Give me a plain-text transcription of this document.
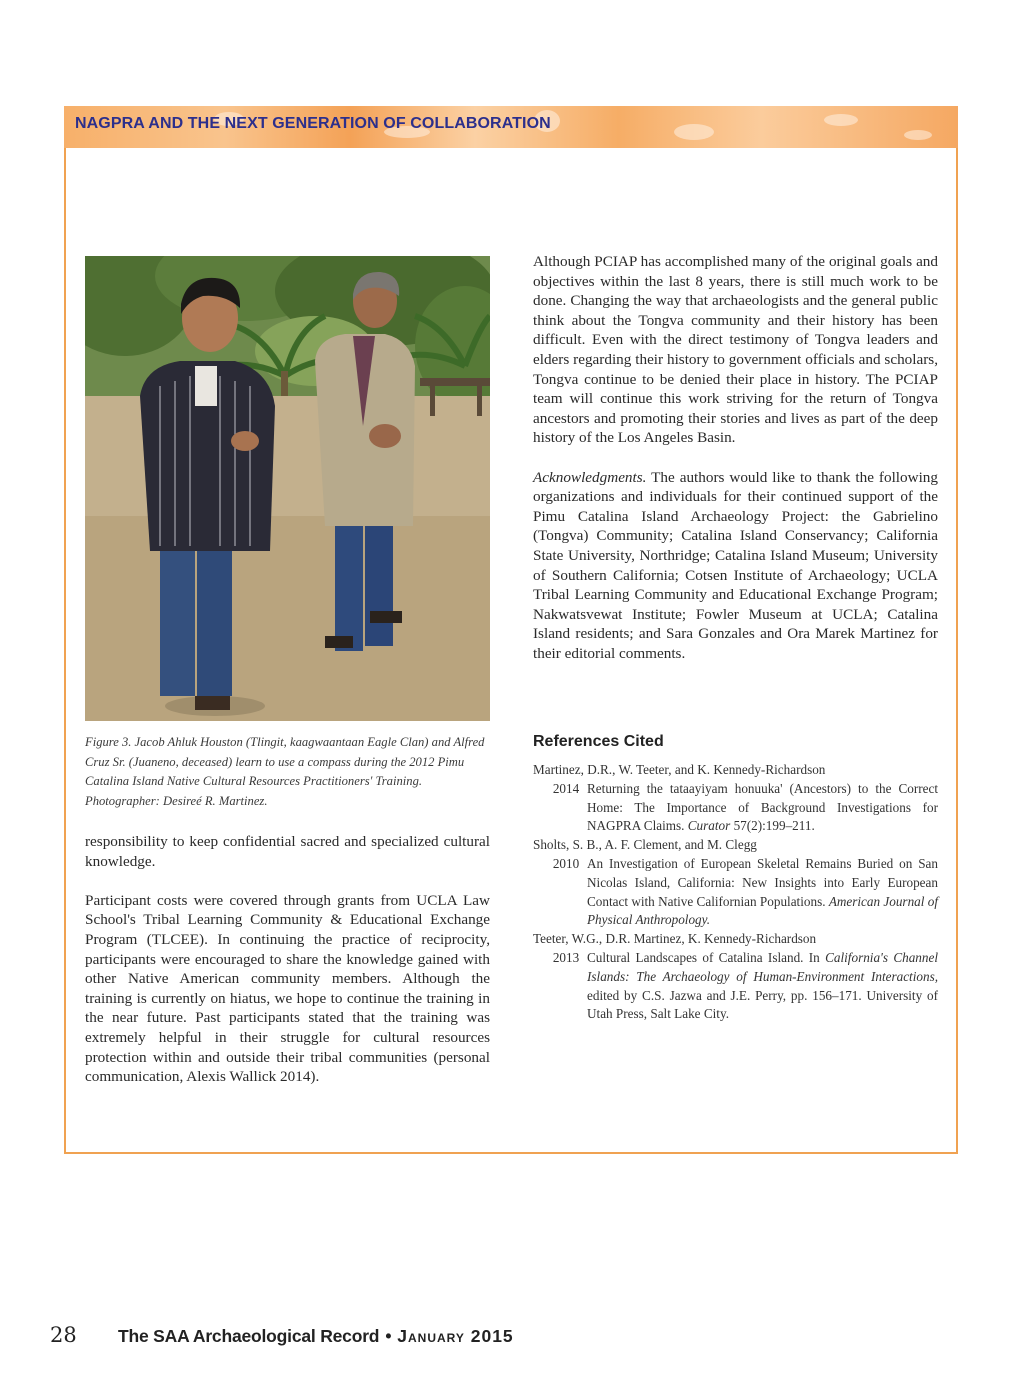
NAGPRA AND THE NEXT GENERATION OF COLLABORATION
Figure 3. Jacob Ahluk Houston (Tlingit, kaagwaantaan Eagle Clan) and Alfred Cruz Sr. (Juaneno, deceased) learn to use a compass during the 2012 Pimu Catalina Island Native Cultural Resources Practitioners' Training. Photographer: Desireé R. Martinez.

responsibility to keep confidential sacred and specialized cultural knowledge.

Participant costs were covered through grants from UCLA Law School's Tribal Learning Community & Educational Exchange Program (TLCEE). In continuing the practice of reciprocity, participants were encouraged to share the knowledge gained with other Native American community members. Although the training is currently on hiatus, we hope to continue the training in the near future. Past participants stated that the training was extremely helpful in their struggle for cultural resources protection within and outside their tribal communities (personal communication, Alexis Wallick 2014).

Although PCIAP has accomplished many of the original goals and objectives within the last 8 years, there is still much work to be done. Changing the way that archaeologists and the general public think about the Tongva community and their history has been difficult. Even with the direct testimony of Tongva leaders and elders regarding their history to government officials and scholars, Tongva continue to be denied their place in history. The PCIAP team will continue this work striving for the return of Tongva ancestors and promoting their stories and lives as part of the deep history of the Los Angeles Basin.

Acknowledgments. The authors would like to thank the following organizations and individuals for their continued support of the Pimu Catalina Island Archaeology Project: the Gabrielino (Tongva) Community; Catalina Island Conservancy; California State University, Northridge; Catalina Island Museum; University of Southern California; Cotsen Institute of Archaeology; UCLA Tribal Learning Community and Educational Exchange Program; Nakwatsvewat Institute; Fowler Museum at UCLA; Catalina Island residents; and Sara Gonzales and Ora Marek Martinez for their editorial comments.

References Cited

Martinez, D.R., W. Teeter, and K. Kennedy-Richardson

2014 Returning the tataayiyam honuuka' (Ancestors) to the Correct Home: The Importance of Background Investigations for NAGPRA Claims. Curator 57(2):199–211.

Sholts, S. B., A. F. Clement, and M. Clegg

2010 An Investigation of European Skeletal Remains Buried on San Nicolas Island, California: New Insights into Early European Contact with Native Californian Populations. American Journal of Physical Anthropology.

Teeter, W.G., D.R. Martinez, K. Kennedy-Richardson

2013 Cultural Landscapes of Catalina Island. In California's Channel Islands: The Archaeology of Human-Environment Interactions, edited by C.S. Jazwa and J.E. Perry, pp. 156–171. University of Utah Press, Salt Lake City.
28 The SAA Archaeological Record • January 2015
